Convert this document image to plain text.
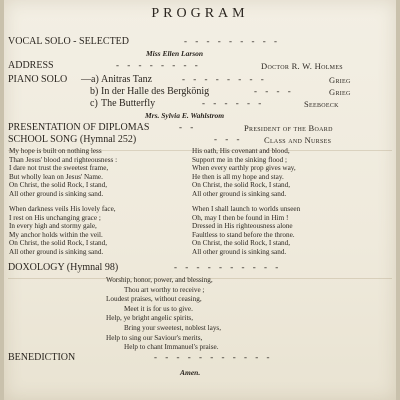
PROGRAM
VOCAL SOLO - SELECTED	- - - - - - - - -
Miss Ellen Larson
ADDRESS	- - - - - - - -	Doctor R. W. Holmes
PIANO SOLO —a) Anitras Tanz	- - - - - - - -	Grieg
b) In der Halle des Bergkönig	- - - -	Grieg
c) The Butterfly	- - - - - -	Seeboeck
Mrs. Sylvia E. Wahlstrom
PRESENTATION OF DIPLOMAS	- -	President of the Board
SCHOOL SONG (Hymnal 252)	- - -	Class and Nurses
My hope is built on nothing less
Than Jesus' blood and righteousness :
I dare not trust the sweetest frame,
But wholly lean on Jesus' Name.
On Christ, the solid Rock, I stand,
All other ground is sinking sand.
His oath, His covenant and blood,
Support me in the sinking flood ;
When every earthly prop gives way,
He then is all my hope and stay.
On Christ, the solid Rock, I stand,
All other ground is sinking sand.
When darkness veils His lovely face,
I rest on His unchanging grace ;
In every high and stormy gale,
My anchor holds within the veil.
On Christ, the solid Rock, I stand,
All other ground is sinking sand.
When I shall launch to worlds unseen
Oh, may I then be found in Him !
Dressed in His righteousness alone
Faultless to stand before the throne.
On Christ, the solid Rock, I stand,
All other ground is sinking sand.
DOXOLOGY (Hymnal 98)	- - - - - - - - - -
Worship, honor, power, and blessing,
Thou art worthy to receive ;
Loudest praises, without ceasing,
Meet it is for us to give.
Help, ye bright angelic spirits,
Bring your sweetest, noblest lays,
Help to sing our Saviour's merits,
Help to chant Immanuel's praise.
BENEDICTION	- - - - - - - - - - -
Amen.
